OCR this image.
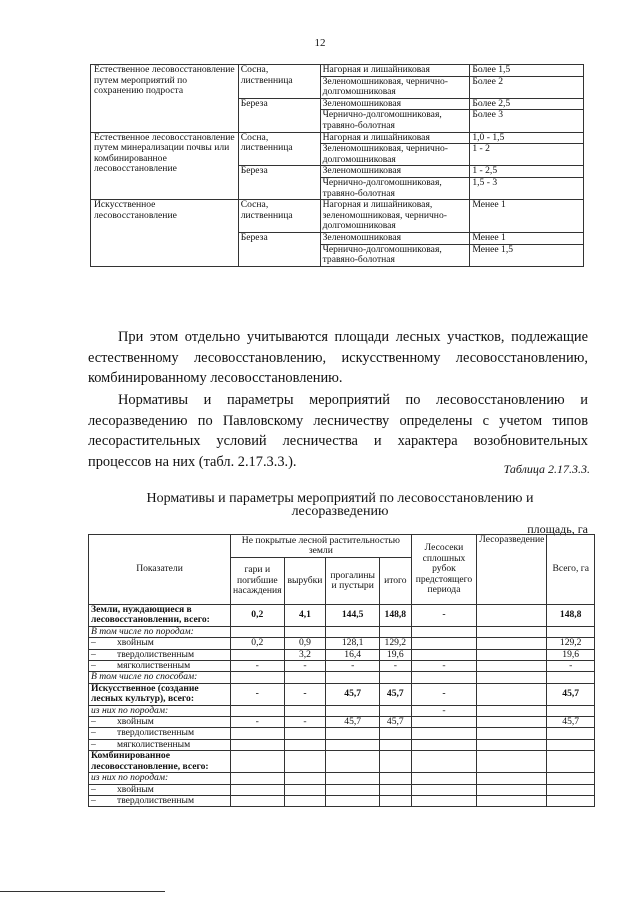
12
Естественное лесовосстановление путем мероприятий по сохранению подроста	Сосна, лиственница	Нагорная и лишайниковая	Более 1,5
		Зеленомошниковая, чернично-долгомошниковая	Более 2
	Береза	Зеленомошниковая	Более 2,5
		Чернично-долгомошниковая, травяно-болотная	Более 3
Естественное лесовосстановление путем минерализации почвы или комбинированное лесовосстановление	Сосна, лиственница	Нагорная и лишайниковая	1,0 - 1,5
		Зеленомошниковая, чернично-долгомошниковая	1 - 2
	Береза	Зеленомошниковая	1 - 2,5
		Чернично-долгомошниковая, травяно-болотная	1,5 - 3
Искусственное лесовосстановление	Сосна, лиственница	Нагорная и лишайниковая, зеленомошниковая, чернично-долгомошниковая	Менее 1
	Береза	Зеленомошниковая	Менее 1
		Чернично-долгомошниковая, травяно-болотная	Менее 1,5

При этом отдельно учитываются площади лесных участков, подлежащие естественному лесовосстановлению, искусственному лесовосстановлению, комбинированному лесовосстановлению.

Нормативы и параметры мероприятий по лесовосстановлению и лесоразведению по Павловскому лесничеству определены с учетом типов лесорастительных условий лесничества и характера возобновительных процессов на них (табл. 2.17.3.3.).	Таблица 2.17.3.3.
Нормативы и параметры мероприятий по лесовосстановлению и
лесоразведению
площадь, га
Показатели	Не покрытые лесной растительностью земли				Лесосеки сплошных рубок предстоящего периода	Лесоразведение	Всего, га
	гари и погибшие насаждения	вырубки	прогалины и пустыри	итого			
Земли, нуждающиеся в лесовосстановлении, всего:	0,2	4,1	144,5	148,8	-		148,8
В том числе по породам:							
– хвойным	0,2	0,9	128,1	129,2			129,2
– твердолиственным		3,2	16,4	19,6			19,6
– мягколиственным	-	-	-	-	-		-
В том числе по способам:							
Искусственное (создание лесных культур), всего:	-	-	45,7	45,7	-		45,7
из них по породам:					-		
– хвойным	-	-	45,7	45,7			45,7
– твердолиственным							
– мягколиственным							
Комбинированное лесовосстановление, всего:							
из них по породам:							
– хвойным							
– твердолиственным							
